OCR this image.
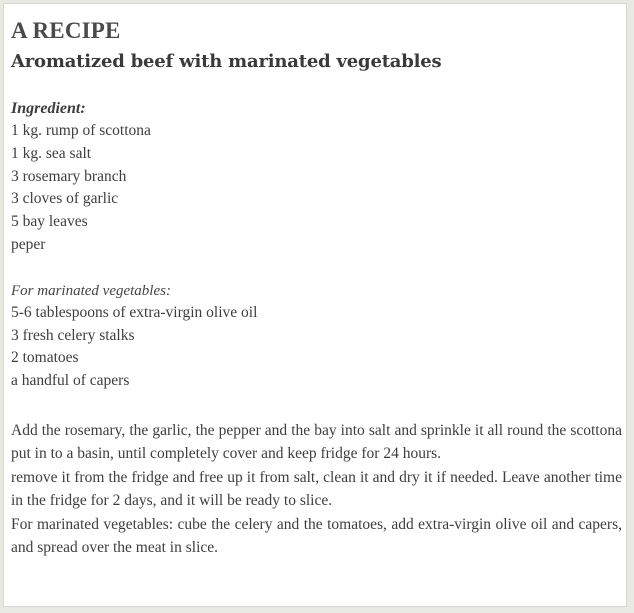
A RECIPE
Aromatized beef with marinated vegetables
Ingredient:
1 kg. rump of scottona
1 kg. sea salt
3 rosemary branch
3 cloves of garlic
5 bay leaves
peper
For marinated vegetables:
5-6 tablespoons of extra-virgin olive oil
3 fresh celery stalks
2 tomatoes
a handful of capers

Add the rosemary, the garlic, the pepper and the bay into salt and sprinkle it all round the scottona put in to a basin, until completely cover and keep fridge for 24 hours.

remove it from the fridge and free up it from salt, clean it and dry it if needed. Leave another time in the fridge for 2 days, and it will be ready to slice.

For marinated vegetables: cube the celery and the tomatoes, add extra-virgin olive oil and capers, and spread over the meat in slice.
